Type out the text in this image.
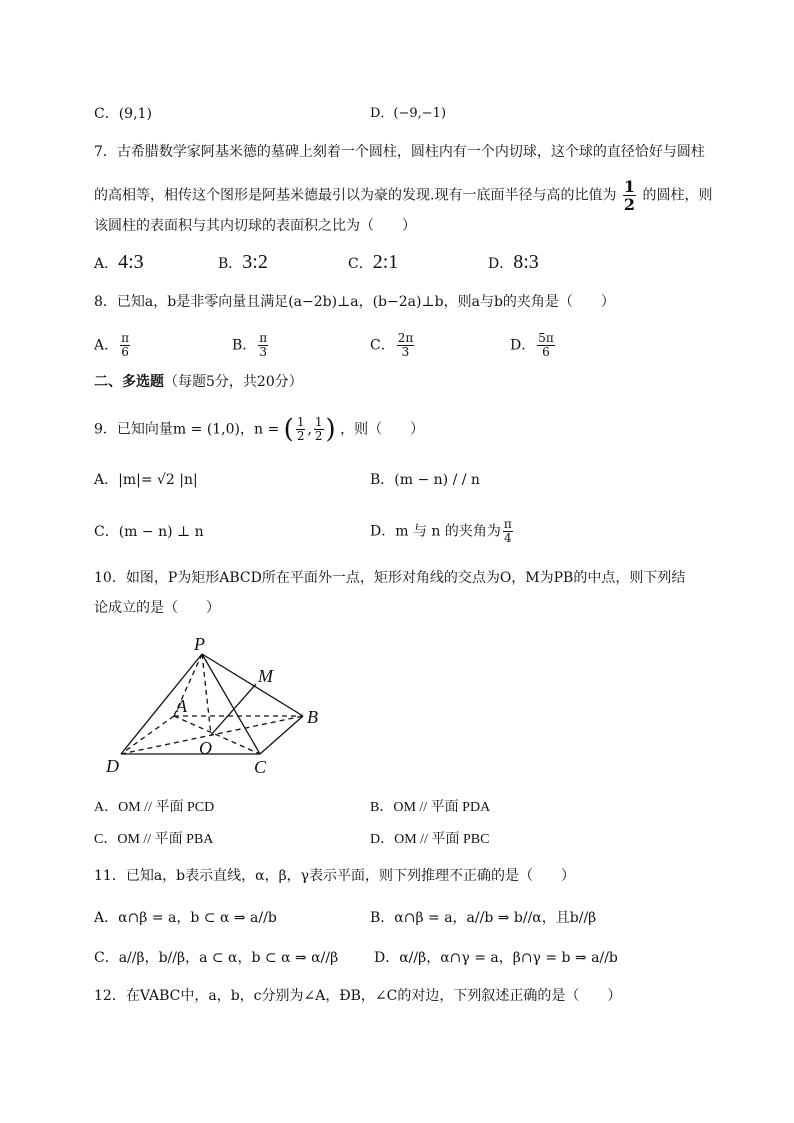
C．(9,1)	D．(−9,−1)
7．古希腊数学家阿基米德的墓碑上刻着一个圆柱，圆柱内有一个内切球，这个球的直径恰好与圆柱
的高相等，相传这个图形是阿基米德最引以为豪的发现.现有一底面半径与高的比值为 $\frac{1}{2}$ 的圆柱，则
该圆柱的表面积与其内切球的表面积之比为（　　）
A．4:3	B．3:2	C．2:1	D．8:3
8．已知a，b是非零向量且满足(a−2b)⊥a，(b−2a)⊥b，则a与b的夹角是（　　）
A． $\frac{\pi}{6}$	B． $\frac{\pi}{3}$	C． $\frac{2\pi}{3}$	D． $\frac{5\pi}{6}$
二、多选题（每题5分，共20分）
9．已知向量m = (1,0)，n = ( $\frac{1}{2}$ , $\frac{1}{2}$ ) ，则（　　）
A．|m|= √2 |n|	B．(m − n) / / n
C．(m − n) ⊥ n	D．m 与 n 的夹角为 $\frac{\pi}{4}$
10．如图，P为矩形ABCD所在平面外一点，矩形对角线的交点为O，M为PB的中点，则下列结
论成立的是（　　）
P
M
A
B
O
D	C
A．OM // 平面 PCD	B．OM // 平面 PDA
C．OM // 平面 PBA	D．OM // 平面 PBC
11．已知a，b表示直线，α，β，γ表示平面，则下列推理不正确的是（　　）
A．α∩β = a，b ⊂ α ⇒ a//b	B．α∩β = a，a//b ⇒ b//α，且b//β
C．a//β，b//β，a ⊂ α，b ⊂ α ⇒ α//β	D．α//β，α∩γ = a，β∩γ = b ⇒ a//b
12．在VABC中，a，b，c分别为∠A，ÐB，∠C的对边，下列叙述正确的是（　　）
